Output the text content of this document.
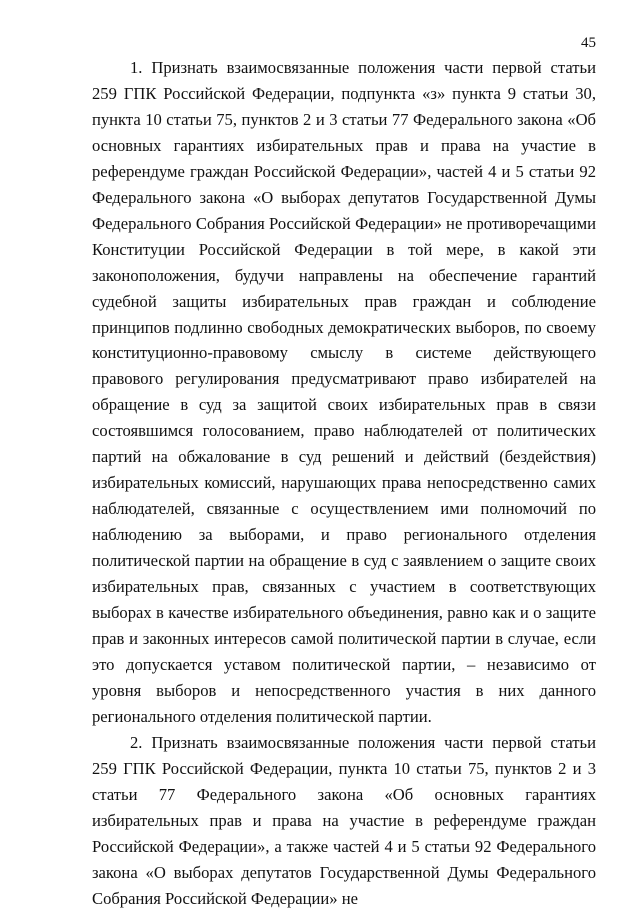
45

1. Признать взаимосвязанные положения части первой статьи 259 ГПК Российской Федерации, подпункта «з» пункта 9 статьи 30, пункта 10 статьи 75, пунктов 2 и 3 статьи 77 Федерального закона «Об основных гарантиях избирательных прав и права на участие в референдуме граждан Российской Федерации», частей 4 и 5 статьи 92 Федерального закона «О выборах депутатов Государственной Думы Федерального Собрания Российской Федерации» не противоречащими Конституции Российской Федерации в той мере, в какой эти законоположения, будучи направлены на обеспечение гарантий судебной защиты избирательных прав граждан и соблюдение принципов подлинно свободных демократических выборов, по своему конституционно-правовому смыслу в системе действующего правового регулирования предусматривают право избирателей на обращение в суд за защитой своих избирательных прав в связи состоявшимся голосованием, право наблюдателей от политических партий на обжалование в суд решений и действий (бездействия) избирательных комиссий, нарушающих права непосредственно самих наблюдателей, связанные с осуществлением ими полномочий по наблюдению за выборами, и право регионального отделения политической партии на обращение в суд с заявлением о защите своих избирательных прав, связанных с участием в соответствующих выборах в качестве избирательного объединения, равно как и о защите прав и законных интересов самой политической партии в случае, если это допускается уставом политической партии, – независимо от уровня выборов и непосредственного участия в них данного регионального отделения политической партии.

2. Признать взаимосвязанные положения части первой статьи 259 ГПК Российской Федерации, пункта 10 статьи 75, пунктов 2 и 3 статьи 77 Федерального закона «Об основных гарантиях избирательных прав и права на участие в референдуме граждан Российской Федерации», а также частей 4 и 5 статьи 92 Федерального закона «О выборах депутатов Государственной Думы Федерального Собрания Российской Федерации» не
